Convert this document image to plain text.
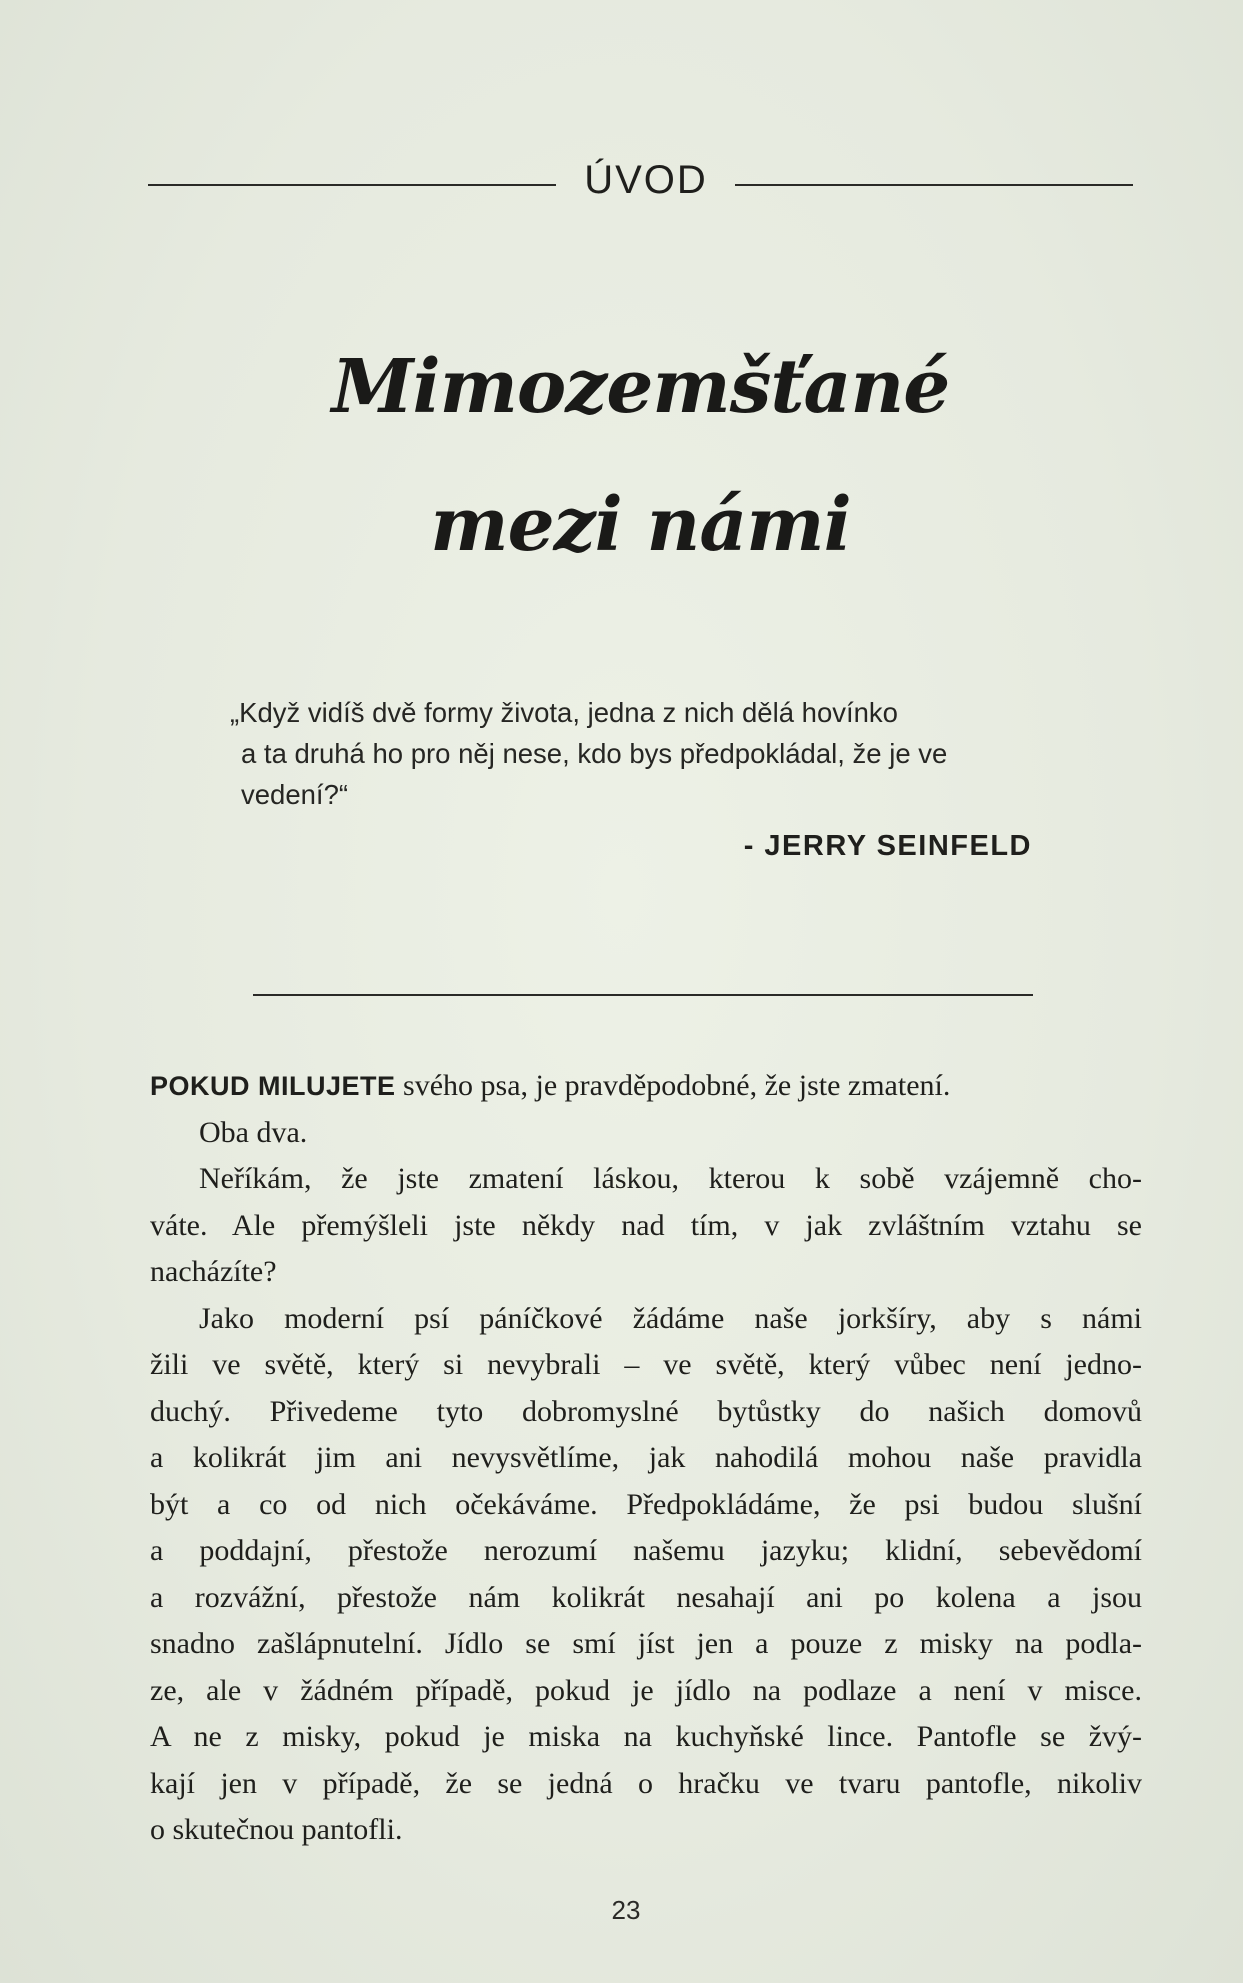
ÚVOD
Mimozemšťané
mezi námi
„Když vidíš dvě formy života, jedna z nich dělá hovínko
a ta druhá ho pro něj nese, kdo bys předpokládal, že je ve
vedení?“
- JERRY SEINFELD
POKUD MILUJETE svého psa, je pravděpodobné, že jste zmatení.
Oba dva.
Neříkám, že jste zmatení láskou, kterou k sobě vzájemně cho-
váte. Ale přemýšleli jste někdy nad tím, v jak zvláštním vztahu se
nacházíte?
Jako moderní psí páníčkové žádáme naše jorkšíry, aby s námi
žili ve světě, který si nevybrali – ve světě, který vůbec není jedno-
duchý. Přivedeme tyto dobromyslné bytůstky do našich domovů
a kolikrát jim ani nevysvětlíme, jak nahodilá mohou naše pravidla
být a co od nich očekáváme. Předpokládáme, že psi budou slušní
a poddajní, přestože nerozumí našemu jazyku; klidní, sebevědomí
a rozvážní, přestože nám kolikrát nesahají ani po kolena a jsou
snadno zašlápnutelní. Jídlo se smí jíst jen a pouze z misky na podla-
ze, ale v žádném případě, pokud je jídlo na podlaze a není v misce.
A ne z misky, pokud je miska na kuchyňské lince. Pantofle se žvý-
kají jen v případě, že se jedná o hračku ve tvaru pantofle, nikoliv
o skutečnou pantofli.
23
